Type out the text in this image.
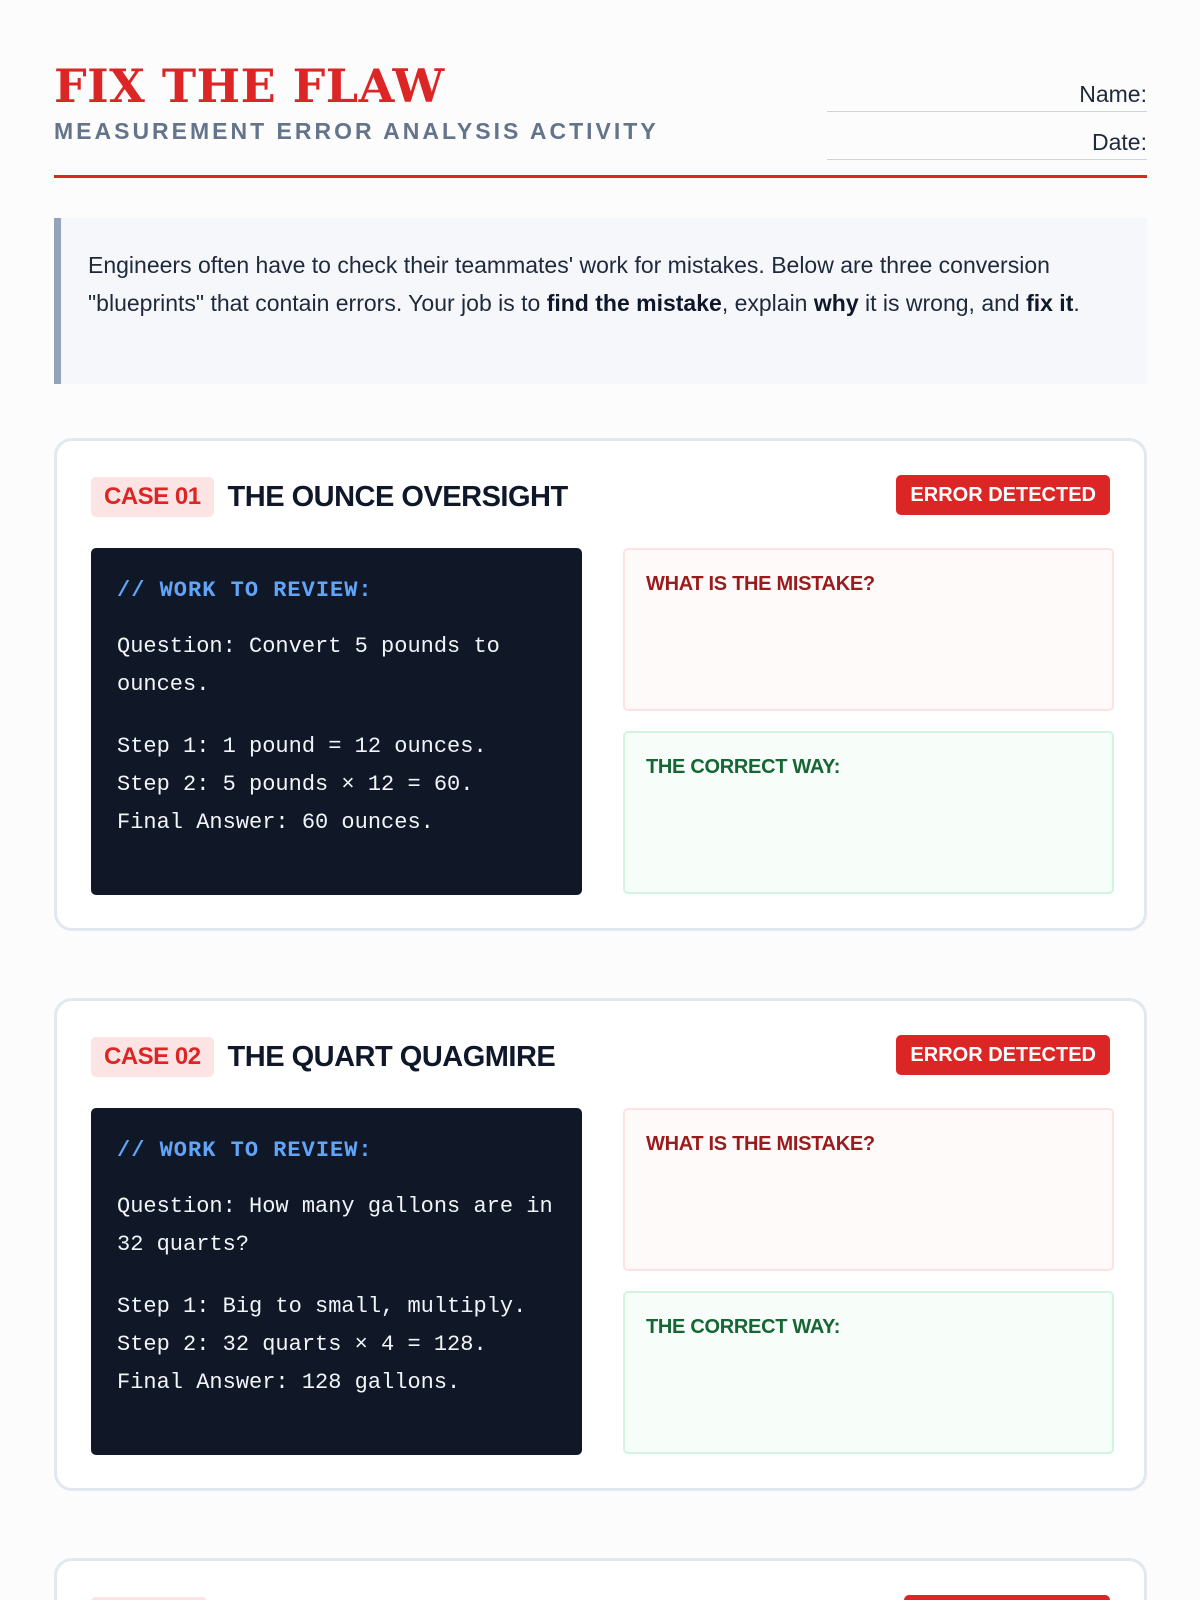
FIX THE FLAW
MEASUREMENT ERROR ANALYSIS ACTIVITY
Name:
Date:
Engineers often have to check their teammates' work for mistakes. Below are three conversion "blueprints" that contain errors. Your job is to find the mistake, explain why it is wrong, and fix it.
CASE 01 THE OUNCE OVERSIGHT	ERROR DETECTED
// WORK TO REVIEW:
Question: Convert 5 pounds to ounces.
Step 1: 1 pound = 12 ounces.
Step 2: 5 pounds × 12 = 60.
Final Answer: 60 ounces.
WHAT IS THE MISTAKE?
THE CORRECT WAY:
CASE 02 THE QUART QUAGMIRE	ERROR DETECTED
// WORK TO REVIEW:
Question: How many gallons are in 32 quarts?
Step 1: Big to small, multiply.
Step 2: 32 quarts × 4 = 128.
Final Answer: 128 gallons.
WHAT IS THE MISTAKE?
THE CORRECT WAY:
